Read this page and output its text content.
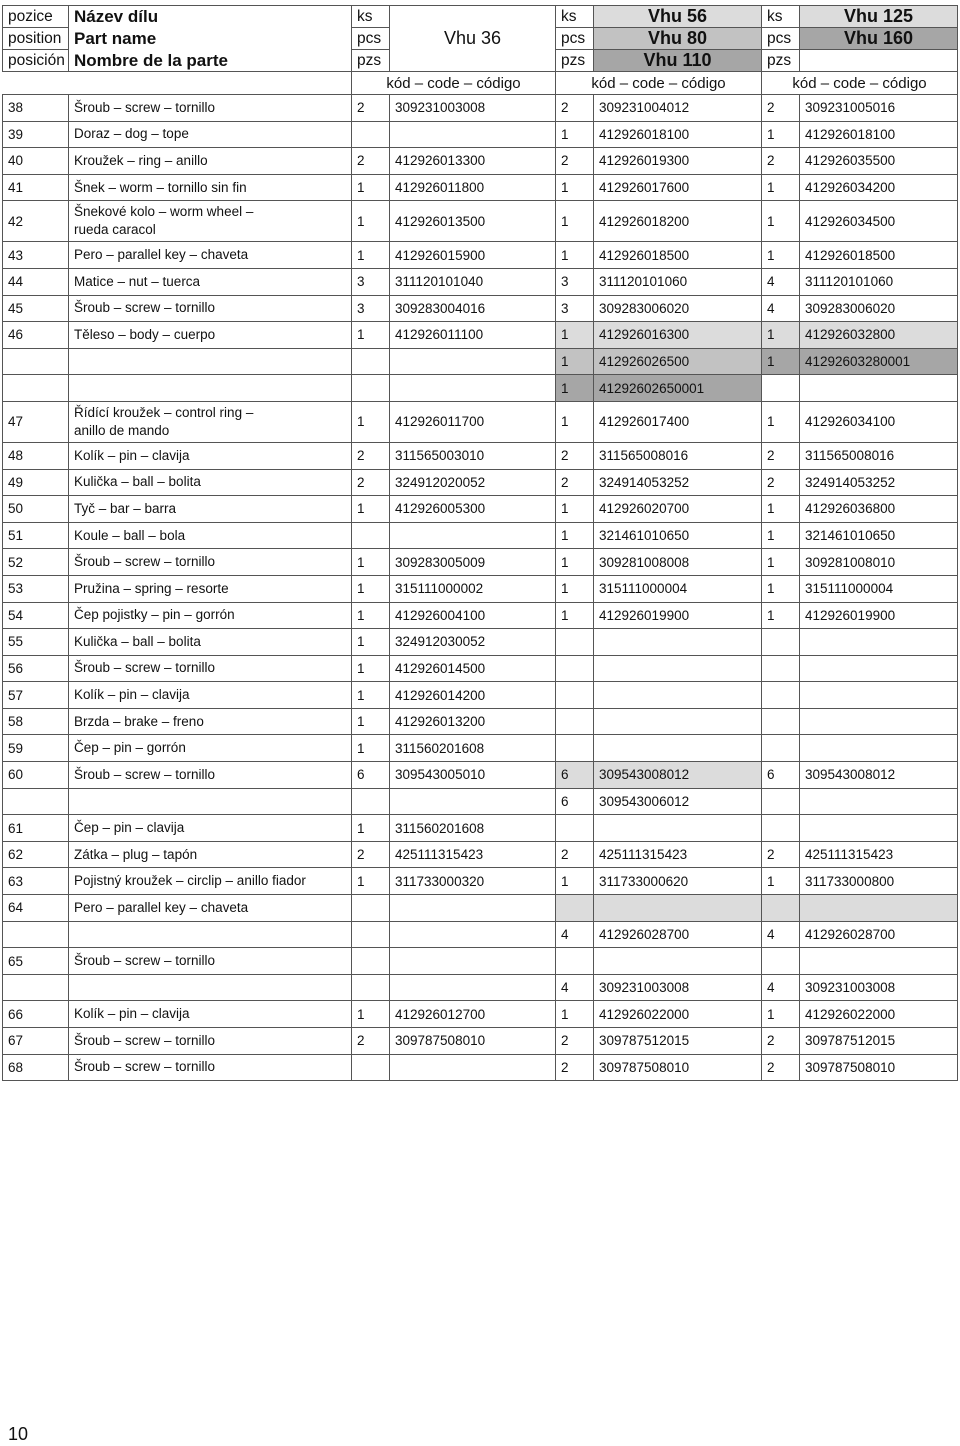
pozice	Název dílu	ks	Vhu 36	ks	Vhu 56	ks	Vhu 125
position	Part name	pcs		pcs	Vhu 80	pcs	Vhu 160
posición	Nombre de la parte	pzs		pzs	Vhu 110	pzs	
		kód – code – código		kód – code – código		kód – code – código	
38	Šroub – screw – tornillo	2	309231003008	2	309231004012	2	309231005016
39	Doraz – dog – tope			1	412926018100	1	412926018100
40	Kroužek – ring – anillo	2	412926013300	2	412926019300	2	412926035500
41	Šnek – worm – tornillo sin fin	1	412926011800	1	412926017600	1	412926034200
42	Šnekové kolo – worm wheel –
rueda caracol	1	412926013500	1	412926018200	1	412926034500
43	Pero – parallel key – chaveta	1	412926015900	1	412926018500	1	412926018500
44	Matice – nut – tuerca	3	311120101040	3	311120101060	4	311120101060
45	Šroub – screw – tornillo	3	309283004016	3	309283006020	4	309283006020
46	Těleso – body – cuerpo	1	412926011100	1	412926016300	1	412926032800
				1	412926026500	1	41292603280001
				1	41292602650001		
47	Řídící kroužek – control ring –
anillo de mando	1	412926011700	1	412926017400	1	412926034100
48	Kolík – pin – clavija	2	311565003010	2	311565008016	2	311565008016
49	Kulička – ball – bolita	2	324912020052	2	324914053252	2	324914053252
50	Tyč – bar – barra	1	412926005300	1	412926020700	1	412926036800
51	Koule – ball – bola			1	321461010650	1	321461010650
52	Šroub – screw – tornillo	1	309283005009	1	309281008008	1	309281008010
53	Pružina – spring – resorte	1	315111000002	1	315111000004	1	315111000004
54	Čep pojistky – pin – gorrón	1	412926004100	1	412926019900	1	412926019900
55	Kulička – ball – bolita	1	324912030052				
56	Šroub – screw – tornillo	1	412926014500				
57	Kolík – pin – clavija	1	412926014200				
58	Brzda – brake – freno	1	412926013200				
59	Čep – pin – gorrón	1	311560201608				
60	Šroub – screw – tornillo	6	309543005010	6	309543008012	6	309543008012
				6	309543006012		
61	Čep – pin – clavija	1	311560201608				
62	Zátka – plug – tapón	2	425111315423	2	425111315423	2	425111315423
63	Pojistný kroužek – circlip – anillo fiador	1	311733000320	1	311733000620	1	311733000800
64	Pero – parallel key – chaveta						
				4	412926028700	4	412926028700
65	Šroub – screw – tornillo						
				4	309231003008	4	309231003008
66	Kolík – pin – clavija	1	412926012700	1	412926022000	1	412926022000
67	Šroub – screw – tornillo	2	309787508010	2	309787512015	2	309787512015
68	Šroub – screw – tornillo			2	309787508010	2	309787508010
10
